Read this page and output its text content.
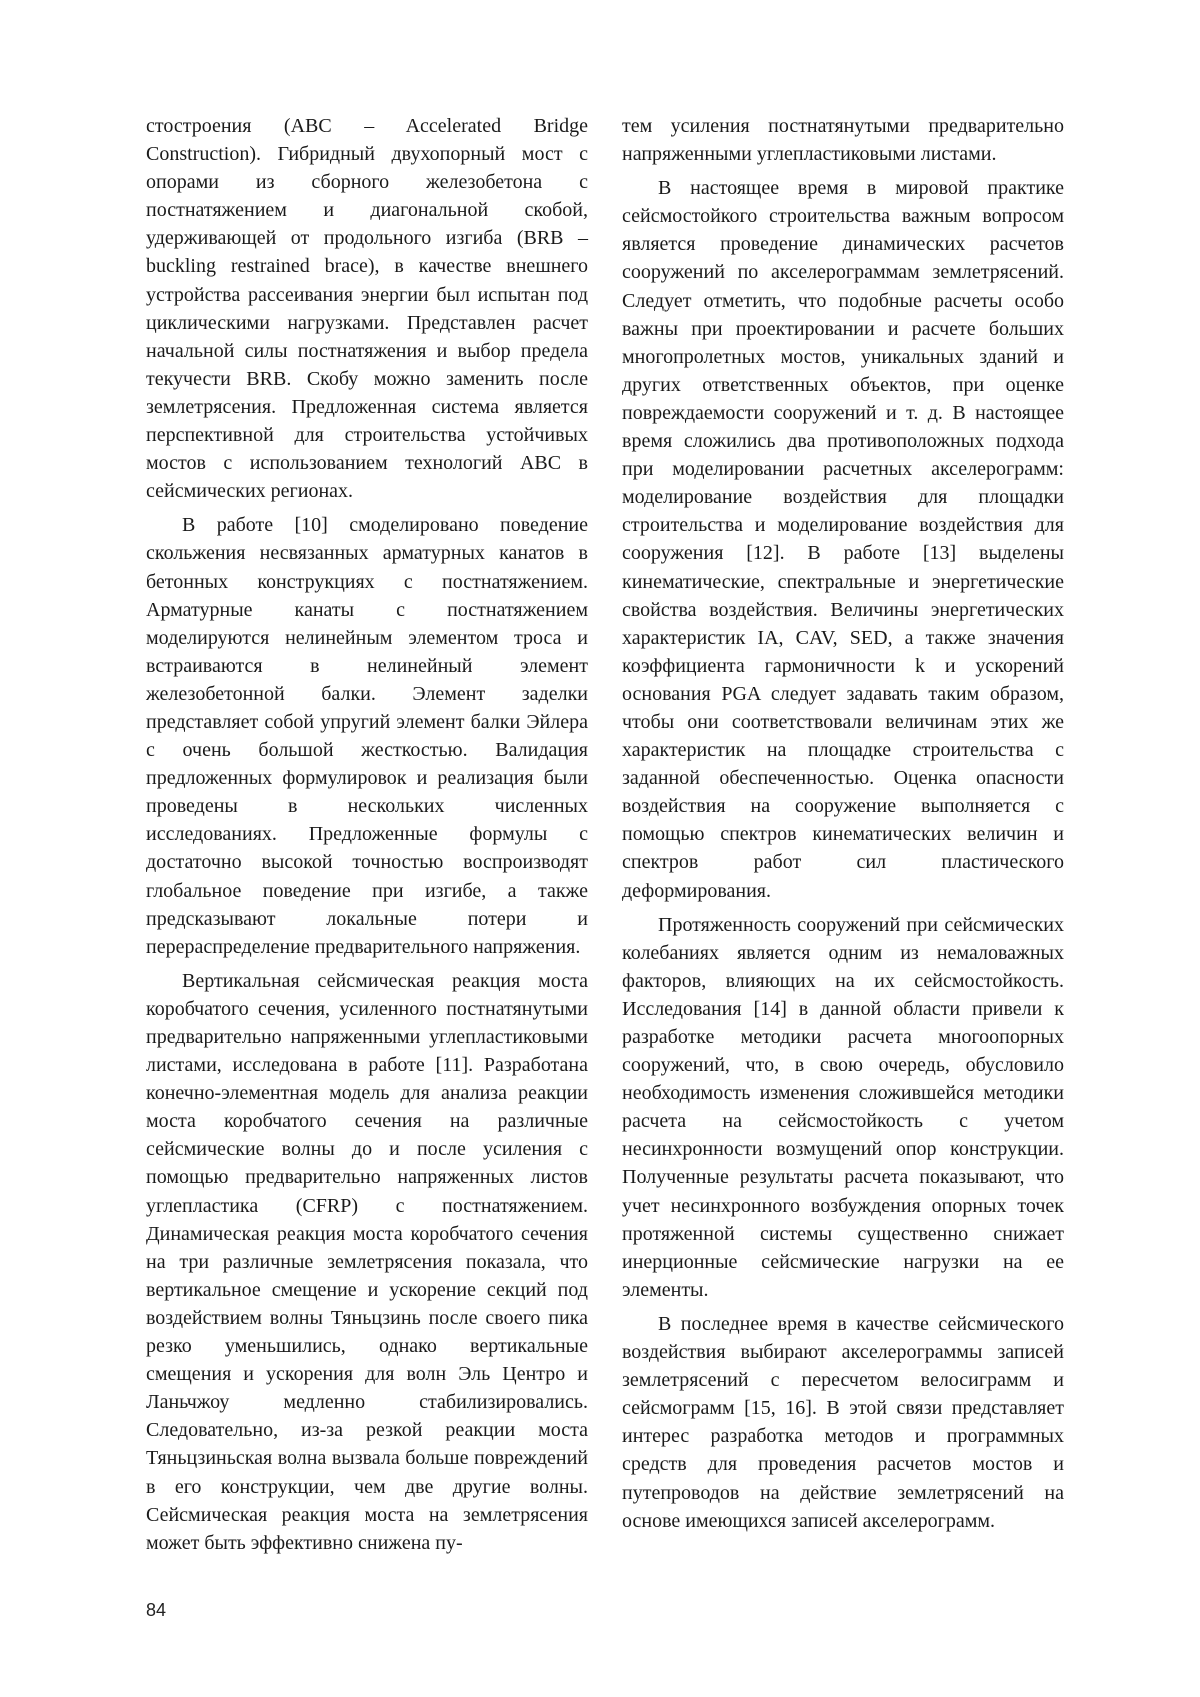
стостроения (ABC – Accelerated Bridge Construction). Гибридный двухопорный мост с опорами из сборного железобетона с постнатяжением и диагональной скобой, удерживающей от продольного изгиба (BRB – buckling restrained brace), в качестве внешнего устройства рассеивания энергии был испытан под циклическими нагрузками. Представлен расчет начальной силы постнатяжения и выбор предела текучести BRB. Скобу можно заменить после землетрясения. Предложенная система является перспективной для строительства устойчивых мостов с использованием технологий ABC в сейсмических регионах.

В работе [10] смоделировано поведение скольжения несвязанных арматурных канатов в бетонных конструкциях с постнатяжением. Арматурные канаты с постнатяжением моделируются нелинейным элементом троса и встраиваются в нелинейный элемент железобетонной балки. Элемент заделки представляет собой упругий элемент балки Эйлера с очень большой жесткостью. Валидация предложенных формулировок и реализация были проведены в нескольких численных исследованиях. Предложенные формулы с достаточно высокой точностью воспроизводят глобальное поведение при изгибе, а также предсказывают локальные потери и перераспределение предварительного напряжения.

Вертикальная сейсмическая реакция моста коробчатого сечения, усиленного постнатянутыми предварительно напряженными углепластиковыми листами, исследована в работе [11]. Разработана конечно-элементная модель для анализа реакции моста коробчатого сечения на различные сейсмические волны до и после усиления с помощью предварительно напряженных листов углепластика (CFRP) с постнатяжением. Динамическая реакция моста коробчатого сечения на три различные землетрясения показала, что вертикальное смещение и ускорение секций под воздействием волны Тяньцзинь после своего пика резко уменьшились, однако вертикальные смещения и ускорения для волн Эль Центро и Ланьчжоу медленно стабилизировались. Следовательно, из-за резкой реакции моста Тяньцзиньская волна вызвала больше повреждений в его конструкции, чем две другие волны. Сейсмическая реакция моста на землетрясения может быть эффективно снижена пу-

тем усиления постнатянутыми предварительно напряженными углепластиковыми листами.

В настоящее время в мировой практике сейсмостойкого строительства важным вопросом является проведение динамических расчетов сооружений по акселерограммам землетрясений. Следует отметить, что подобные расчеты особо важны при проектировании и расчете больших многопролетных мостов, уникальных зданий и других ответственных объектов, при оценке повреждаемости сооружений и т. д. В настоящее время сложились два противоположных подхода при моделировании расчетных акселерограмм: моделирование воздействия для площадки строительства и моделирование воздействия для сооружения [12]. В работе [13] выделены кинематические, спектральные и энергетические свойства воздействия. Величины энергетических характеристик IA, CAV, SED, а также значения коэффициента гармоничности k и ускорений основания PGA следует задавать таким образом, чтобы они соответствовали величинам этих же характеристик на площадке строительства с заданной обеспеченностью. Оценка опасности воздействия на сооружение выполняется с помощью спектров кинематических величин и спектров работ сил пластического деформирования.

Протяженность сооружений при сейсмических колебаниях является одним из немаловажных факторов, влияющих на их сейсмостойкость. Исследования [14] в данной области привели к разработке методики расчета многоопорных сооружений, что, в свою очередь, обусловило необходимость изменения сложившейся методики расчета на сейсмостойкость с учетом несинхронности возмущений опор конструкции. Полученные результаты расчета показывают, что учет несинхронного возбуждения опорных точек протяженной системы существенно снижает инерционные сейсмические нагрузки на ее элементы.

В последнее время в качестве сейсмического воздействия выбирают акселерограммы записей землетрясений с пересчетом велосиграмм и сейсмограмм [15, 16]. В этой связи представляет интерес разработка методов и программных средств для проведения расчетов мостов и путепроводов на действие землетрясений на основе имеющихся записей акселерограмм.

84
